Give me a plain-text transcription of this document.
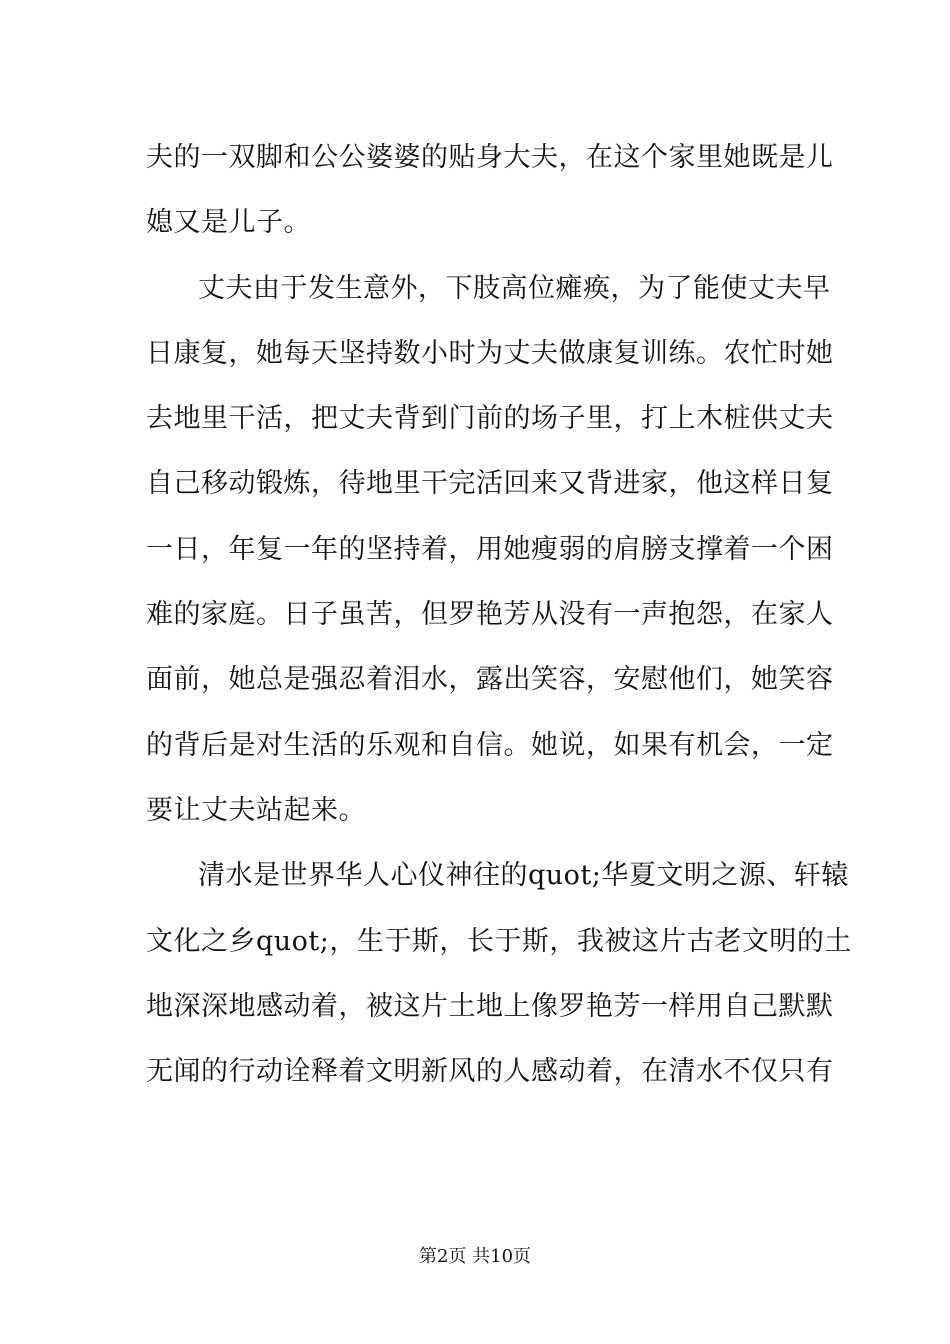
夫的一双脚和公公婆婆的贴身大夫，在这个家里她既是儿
媳又是儿子。
丈夫由于发生意外，下肢高位瘫痪，为了能使丈夫早
日康复，她每天坚持数小时为丈夫做康复训练。农忙时她
去地里干活，把丈夫背到门前的场子里，打上木桩供丈夫
自己移动锻炼，待地里干完活回来又背进家，他这样日复
一日，年复一年的坚持着，用她瘦弱的肩膀支撑着一个困
难的家庭。日子虽苦，但罗艳芳从没有一声抱怨，在家人
面前，她总是强忍着泪水，露出笑容，安慰他们，她笑容
的背后是对生活的乐观和自信。她说，如果有机会，一定
要让丈夫站起来。
清水是世界华人心仪神往的quot;华夏文明之源、轩辕
文化之乡quot;，生于斯，长于斯，我被这片古老文明的土
地深深地感动着，被这片土地上像罗艳芳一样用自己默默
无闻的行动诠释着文明新风的人感动着，在清水不仅只有
第2页 共10页
